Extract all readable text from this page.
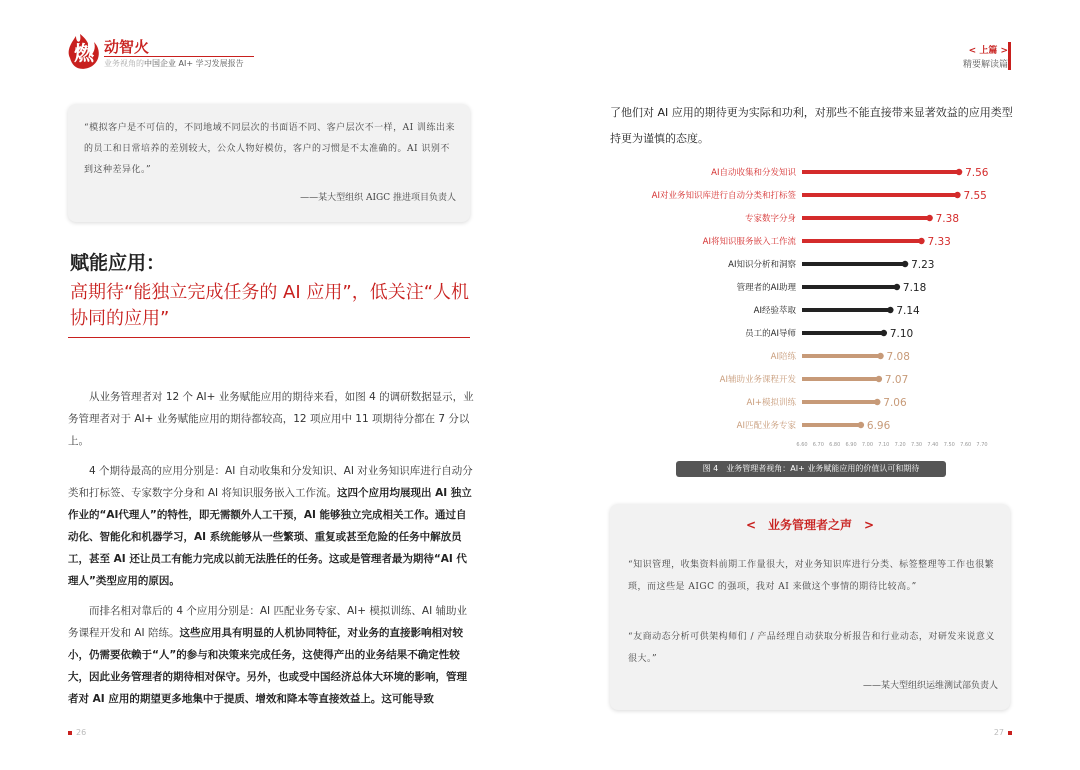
燃 动智火
业务视角的中国企业 AI+ 学习发展报告
< 上篇 >
精要解读篇
“模拟客户是不可信的，不同地域不同层次的书面语不同、客户层次不一样，AI 训练出来的员工和日常培养的差别较大，公众人物好模仿，客户的习惯是不太准确的。AI 识别不到这种差异化。”
——某大型组织 AIGC 推进项目负责人
赋能应用：
高期待“能独立完成任务的 AI 应用”，低关注“人机协同的应用”
从业务管理者对 12 个 AI+ 业务赋能应用的期待来看，如图 4 的调研数据显示，业务管理者对于 AI+ 业务赋能应用的期待都较高，12 项应用中 11 项期待分都在 7 分以上。
4 个期待最高的应用分别是：AI 自动收集和分发知识、AI 对业务知识库进行自动分类和打标签、专家数字分身和 AI 将知识服务嵌入工作流。这四个应用均展现出 AI 独立作业的“AI代理人”的特性，即无需额外人工干预，AI 能够独立完成相关工作。通过自动化、智能化和机器学习，AI 系统能够从一些繁琐、重复或甚至危险的任务中解放员工，甚至 AI 还让员工有能力完成以前无法胜任的任务。这或是管理者最为期待“AI 代理人”类型应用的原因。
而排名相对靠后的 4 个应用分别是：AI 匹配业务专家、AI+ 模拟训练、AI 辅助业务课程开发和 AI 陪练。这些应用具有明显的人机协同特征，对业务的直接影响相对较小，仍需要依赖于“人”的参与和决策来完成任务，这使得产出的业务结果不确定性较大，因此业务管理者的期待相对保守。另外，也或受中国经济总体大环境的影响，管理者对 AI 应用的期望更多地集中于提质、增效和降本等直接效益上。这可能导致
了他们对 AI 应用的期待更为实际和功利，对那些不能直接带来显著效益的应用类型持更为谨慎的态度。
AI自动收集和分发知识	7.56
AI对业务知识库进行自动分类和打标签	7.55
专家数字分身	7.38
AI将知识服务嵌入工作流	7.33
AI知识分析和洞察	7.23
管理者的AI助理	7.18
AI经验萃取	7.14
员工的AI导师	7.10
AI陪练	7.08
AI辅助业务课程开发	7.07
AI+模拟训练	7.06
AI匹配业务专家	6.96
6.60 6.70 6.80 6.90 7.00 7.10 7.20 7.30 7.40 7.50 7.60 7.70
图 4　业务管理者视角：AI+ 业务赋能应用的价值认可和期待
<　业务管理者之声　>
“知识管理，收集资料前期工作量很大，对业务知识库进行分类、标签整理等工作也很繁琐，而这些是 AIGC 的强项，我对 AI 来做这个事情的期待比较高。”
“友商动态分析可供架构师们 / 产品经理自动获取分析报告和行业动态，对研发来说意义很大。”
——某大型组织运维测试部负责人
26	27
